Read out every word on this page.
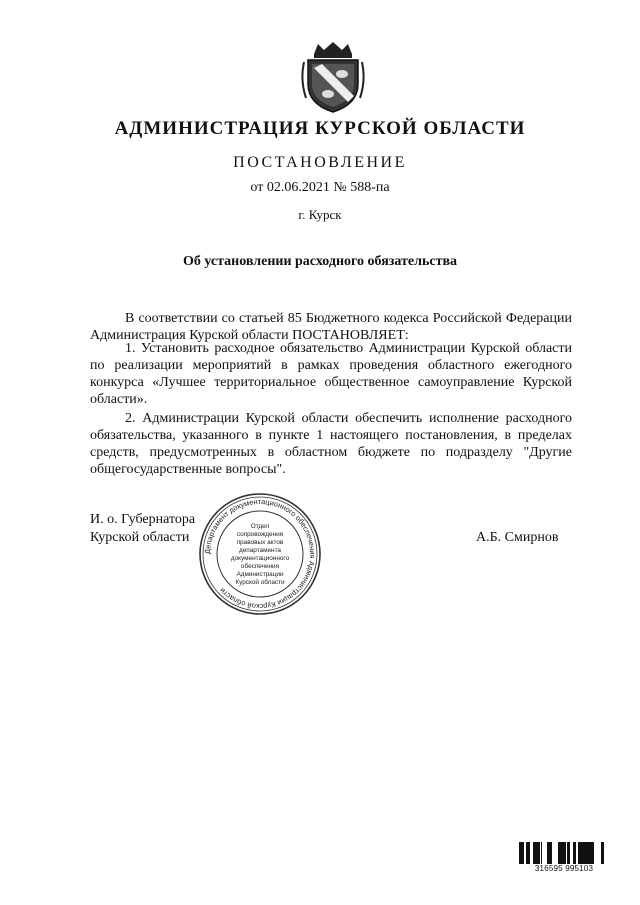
АДМИНИСТРАЦИЯ КУРСКОЙ ОБЛАСТИ
ПОСТАНОВЛЕНИЕ
от 02.06.2021 № 588-па
г. Курск
Об установлении расходного обязательства

В соответствии со статьей 85 Бюджетного кодекса Российской Федерации Администрация Курской области ПОСТАНОВЛЯЕТ:

1. Установить расходное обязательство Администрации Курской области по реализации мероприятий в рамках проведения областного ежегодного конкурса «Лучшее территориальное общественное самоуправление Курской области».

2. Администрации Курской области обеспечить исполнение расходного обязательства, указанного в пункте 1 настоящего постановления, в пределах средств, предусмотренных в областном бюджете по подразделу "Другие общегосударственные вопросы".

И. о. Губернатора
Курской области	А.Б. Смирнов
Департамент документационного обеспечения Администрации Курской области
Отдел
сопровождения
правовых актов
департамента
документационного
обеспечения
Администрации
Курской области
316595 995103
